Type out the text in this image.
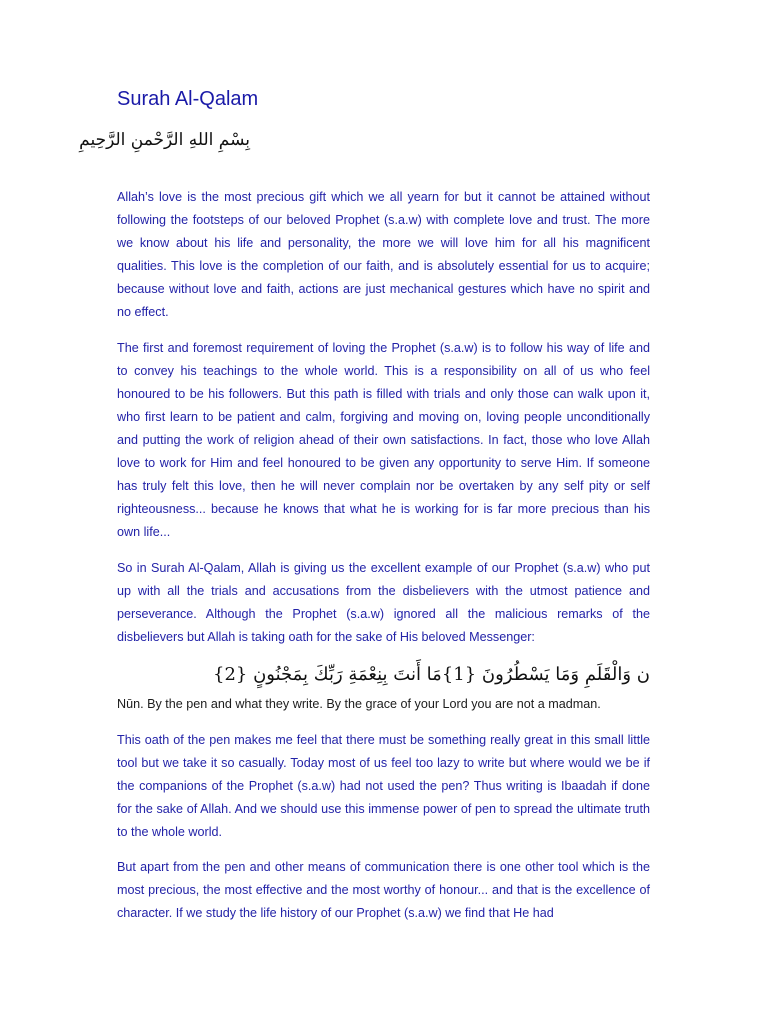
Surah Al-Qalam

بِسْمِ اللهِ الرَّحْمنِ الرَّحِيمِ

Allah’s love is the most precious gift which we all yearn for but it cannot be attained without following the footsteps of our beloved Prophet (s.a.w) with complete love and trust. The more we know about his life and personality, the more we will love him for all his magnificent qualities. This love is the completion of our faith, and is absolutely essential for us to acquire; because without love and faith, actions are just mechanical gestures which have no spirit and no effect.

The first and foremost requirement of loving the Prophet (s.a.w) is to follow his way of life and to convey his teachings to the whole world. This is a responsibility on all of us who feel honoured to be his followers. But this path is filled with trials and only those can walk upon it, who first learn to be patient and calm, forgiving and moving on, loving people unconditionally and putting the work of religion ahead of their own satisfactions. In fact, those who love Allah love to work for Him and feel honoured to be given any opportunity to serve Him. If someone has truly felt this love, then he will never complain nor be overtaken by any self pity or self righteousness... because he knows that what he is working for is far more precious than his own life...

So in Surah Al-Qalam, Allah is giving us the excellent example of our Prophet (s.a.w) who put up with all the trials and accusations from the disbelievers with the utmost patience and perseverance. Although the Prophet (s.a.w) ignored all the malicious remarks of the disbelievers but Allah is taking oath for the sake of His beloved Messenger:

ن وَالْقَلَمِ وَمَا يَسْطُرُونَ {1}مَا أَنتَ بِنِعْمَةِ رَبِّكَ بِمَجْنُونٍ {2}

Nūn. By the pen and what they write. By the grace of your Lord you are not a madman.

This oath of the pen makes me feel that there must be something really great in this small little tool but we take it so casually. Today most of us feel too lazy to write but where would we be if the companions of the Prophet (s.a.w) had not used the pen? Thus writing is Ibaadah if done for the sake of Allah. And we should use this immense power of pen to spread the ultimate truth to the whole world.

But apart from the pen and other means of communication there is one other tool which is the most precious, the most effective and the most worthy of honour... and that is the excellence of character. If we study the life history of our Prophet (s.a.w) we find that He had
